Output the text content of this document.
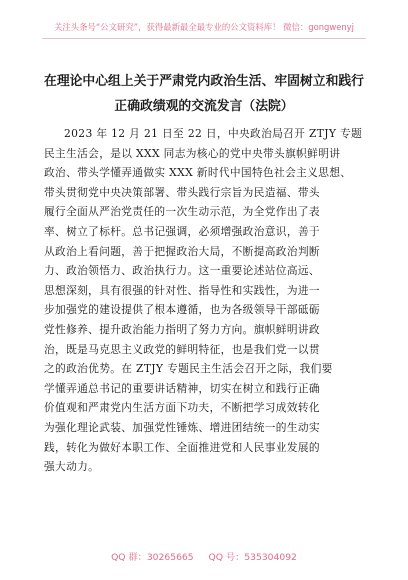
关注头条号“公文研究”，获得最新最全最专业的公文资料库！ 微信：gongwenyj
在理论中心组上关于严肃党内政治生活、牢固树立和践行
正确政绩观的交流发言（法院）
2023 年 12 月 21 日至 22 日，中央政治局召开 ZTJY 专题
民主生活会，是以 XXX 同志为核心的党中央带头旗帜鲜明讲
政治、带头学懂弄通做实 XXX 新时代中国特色社会主义思想、
带头贯彻党中央决策部署、带头践行宗旨为民造福、带头
履行全面从严治党责任的一次生动示范，为全党作出了表
率、树立了标杆。总书记强调，必须增强政治意识，善于
从政治上看问题，善于把握政治大局，不断提高政治判断
力、政治领悟力、政治执行力。这一重要论述站位高远、
思想深刻，具有很强的针对性、指导性和实践性，为进一
步加强党的建设提供了根本遵循，也为各级领导干部砥砺
党性修养、提升政治能力指明了努力方向。旗帜鲜明讲政
治，既是马克思主义政党的鲜明特征，也是我们党一以贯
之的政治优势。在 ZTJY 专题民主生活会召开之际，我们要
学懂弄通总书记的重要讲话精神，切实在树立和践行正确
价值观和严肃党内生活方面下功夫，不断把学习成效转化
为强化理论武装、加强党性锤炼、增进团结统一的生动实
践，转化为做好本职工作、全面推进党和人民事业发展的
强大动力。
QQ 群：30265665 QQ 号：535304092
